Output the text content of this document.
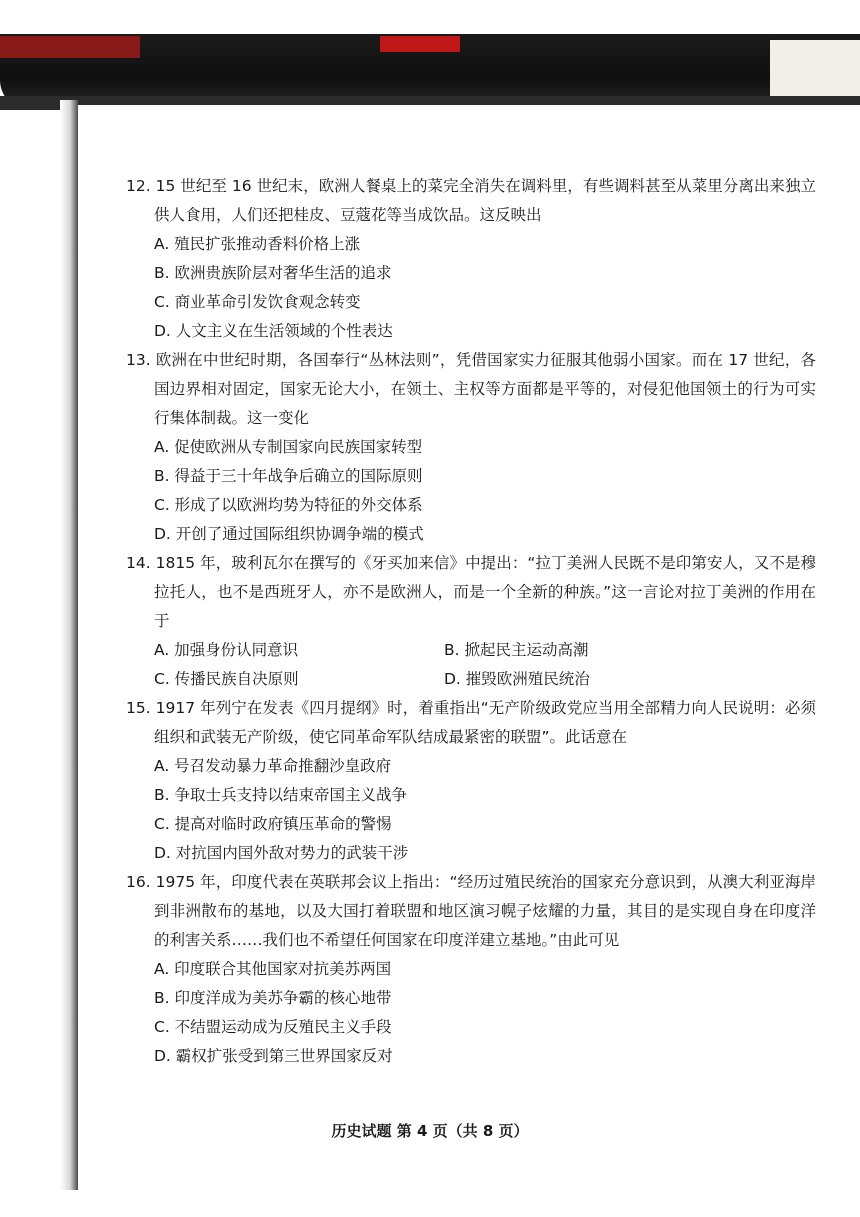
12. 15 世纪至 16 世纪末，欧洲人餐桌上的菜完全消失在调料里，有些调料甚至从菜里分离出来独立供人食用，人们还把桂皮、豆蔻花等当成饮品。这反映出

A. 殖民扩张推动香料价格上涨

B. 欧洲贵族阶层对奢华生活的追求

C. 商业革命引发饮食观念转变

D. 人文主义在生活领域的个性表达

13. 欧洲在中世纪时期，各国奉行“丛林法则”，凭借国家实力征服其他弱小国家。而在 17 世纪，各国边界相对固定，国家无论大小，在领土、主权等方面都是平等的，对侵犯他国领土的行为可实行集体制裁。这一变化

A. 促使欧洲从专制国家向民族国家转型

B. 得益于三十年战争后确立的国际原则

C. 形成了以欧洲均势为特征的外交体系

D. 开创了通过国际组织协调争端的模式

14. 1815 年，玻利瓦尔在撰写的《牙买加来信》中提出：“拉丁美洲人民既不是印第安人，又不是穆拉托人，也不是西班牙人，亦不是欧洲人，而是一个全新的种族。”这一言论对拉丁美洲的作用在于

A. 加强身份认同意识	B. 掀起民主运动高潮
C. 传播民族自决原则	D. 摧毁欧洲殖民统治

15. 1917 年列宁在发表《四月提纲》时，着重指出“无产阶级政党应当用全部精力向人民说明：必须组织和武装无产阶级，使它同革命军队结成最紧密的联盟”。此话意在

A. 号召发动暴力革命推翻沙皇政府

B. 争取士兵支持以结束帝国主义战争

C. 提高对临时政府镇压革命的警惕

D. 对抗国内国外敌对势力的武装干涉

16. 1975 年，印度代表在英联邦会议上指出：“经历过殖民统治的国家充分意识到，从澳大利亚海岸到非洲散布的基地，以及大国打着联盟和地区演习幌子炫耀的力量，其目的是实现自身在印度洋的利害关系……我们也不希望任何国家在印度洋建立基地。”由此可见

A. 印度联合其他国家对抗美苏两国

B. 印度洋成为美苏争霸的核心地带

C. 不结盟运动成为反殖民主义手段

D. 霸权扩张受到第三世界国家反对

历史试题 第 4 页（共 8 页）
